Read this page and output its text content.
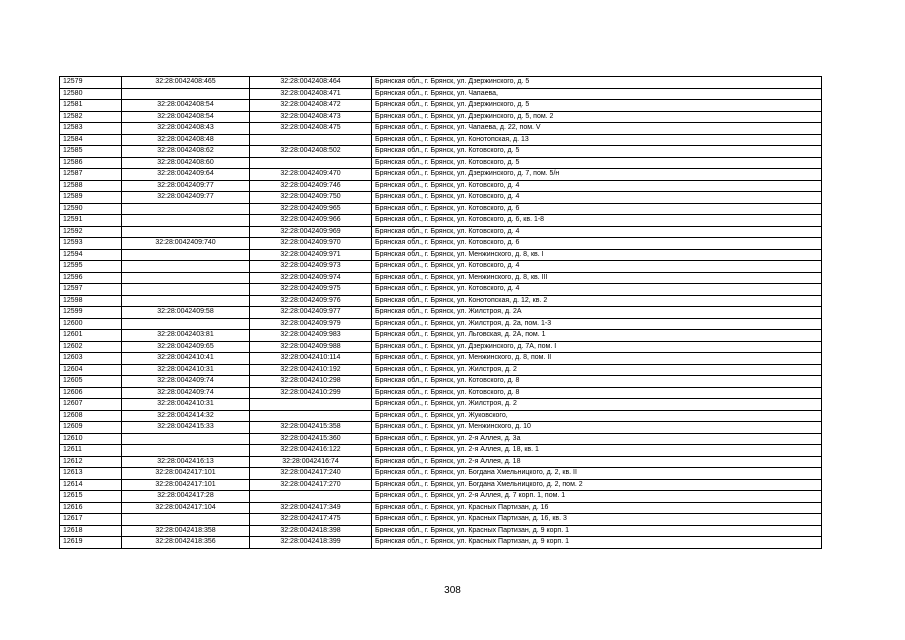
12579	32:28:0042408:465	32:28:0042408:464	Брянская обл., г. Брянск, ул. Дзержинского, д. 5
12580		32:28:0042408:471	Брянская обл., г. Брянск, ул. Чапаева,
12581	32:28:0042408:54	32:28:0042408:472	Брянская обл., г. Брянск, ул. Дзержинского, д. 5
12582	32:28:0042408:54	32:28:0042408:473	Брянская обл., г. Брянск, ул. Дзержинского, д. 5, пом. 2
12583	32:28:0042408:43	32:28:0042408:475	Брянская обл., г. Брянск, ул. Чапаева, д. 22, пом. V
12584	32:28:0042408:48		Брянская обл., г. Брянск, ул. Конотопская, д. 13
12585	32:28:0042408:62	32:28:0042408:502	Брянская обл., г. Брянск, ул. Котовского, д. 5
12586	32:28:0042408:60		Брянская обл., г. Брянск, ул. Котовского, д. 5
12587	32:28:0042409:64	32:28:0042409:470	Брянская обл., г. Брянск, ул. Дзержинского, д. 7, пом. 5/н
12588	32:28:0042409:77	32:28:0042409:746	Брянская обл., г. Брянск, ул. Котовского, д. 4
12589	32:28:0042409:77	32:28:0042409:750	Брянская обл., г. Брянск, ул. Котовского, д. 4
12590		32:28:0042409:965	Брянская обл., г. Брянск, ул. Котовского, д. 6
12591		32:28:0042409:966	Брянская обл., г. Брянск, ул. Котовского, д. 6, кв. 1-8
12592		32:28:0042409:969	Брянская обл., г. Брянск, ул. Котовского, д. 4
12593	32:28:0042409:740	32:28:0042409:970	Брянская обл., г. Брянск, ул. Котовского, д. 6
12594		32:28:0042409:971	Брянская обл., г. Брянск, ул. Менжинского, д. 8, кв. I
12595		32:28:0042409:973	Брянская обл., г. Брянск, ул. Котовского, д. 4
12596		32:28:0042409:974	Брянская обл., г. Брянск, ул. Менжинского, д. 8, кв. III
12597		32:28:0042409:975	Брянская обл., г. Брянск, ул. Котовского, д. 4
12598		32:28:0042409:976	Брянская обл., г. Брянск, ул. Конотопская, д. 12, кв. 2
12599	32:28:0042409:58	32:28:0042409:977	Брянская обл., г. Брянск, ул. Жилстроя, д. 2А
12600		32:28:0042409:979	Брянская обл., г. Брянск, ул. Жилстроя, д. 2а, пом. 1-3
12601	32:28:0042403:81	32:28:0042409:983	Брянская обл., г. Брянск, ул. Льговская, д. 2А, пом. 1
12602	32:28:0042409:65	32:28:0042409:988	Брянская обл., г. Брянск, ул. Дзержинского, д. 7А, пом. I
12603	32:28:0042410:41	32:28:0042410:114	Брянская обл., г. Брянск, ул. Менжинского, д. 8, пом. II
12604	32:28:0042410:31	32:28:0042410:192	Брянская обл., г. Брянск, ул. Жилстроя, д. 2
12605	32:28:0042409:74	32:28:0042410:298	Брянская обл., г. Брянск, ул. Котовского, д. 8
12606	32:28:0042409:74	32:28:0042410:299	Брянская обл., г. Брянск, ул. Котовского, д. 8
12607	32:28:0042410:31		Брянская обл., г. Брянск, ул. Жилстроя, д. 2
12608	32:28:0042414:32		Брянская обл., г. Брянск, ул. Жуковского,
12609	32:28:0042415:33	32:28:0042415:358	Брянская обл., г. Брянск, ул. Менжинского, д. 10
12610		32:28:0042415:360	Брянская обл., г. Брянск, ул. 2-я Аллея, д. 3а
12611		32:28:0042416:122	Брянская обл., г. Брянск, ул. 2-я Аллея, д. 18, кв. 1
12612	32:28:0042416:13	32:28:0042416:74	Брянская обл., г. Брянск, ул. 2-я Аллея, д. 18
12613	32:28:0042417:101	32:28:0042417:240	Брянская обл., г. Брянск, ул. Богдана Хмельницкого, д. 2, кв. II
12614	32:28:0042417:101	32:28:0042417:270	Брянская обл., г. Брянск, ул. Богдана Хмельницкого, д. 2, пом. 2
12615	32:28:0042417:28		Брянская обл., г. Брянск, ул. 2-я Аллея, д. 7 корп. 1, пом. 1
12616	32:28:0042417:104	32:28:0042417:349	Брянская обл., г. Брянск, ул. Красных Партизан, д. 16
12617		32:28:0042417:475	Брянская обл., г. Брянск, ул. Красных Партизан, д. 16, кв. 3
12618	32:28:0042418:358	32:28:0042418:398	Брянская обл., г. Брянск, ул. Красных Партизан, д. 9 корп. 1
12619	32:28:0042418:356	32:28:0042418:399	Брянская обл., г. Брянск, ул. Красных Партизан, д. 9 корп. 1
308
